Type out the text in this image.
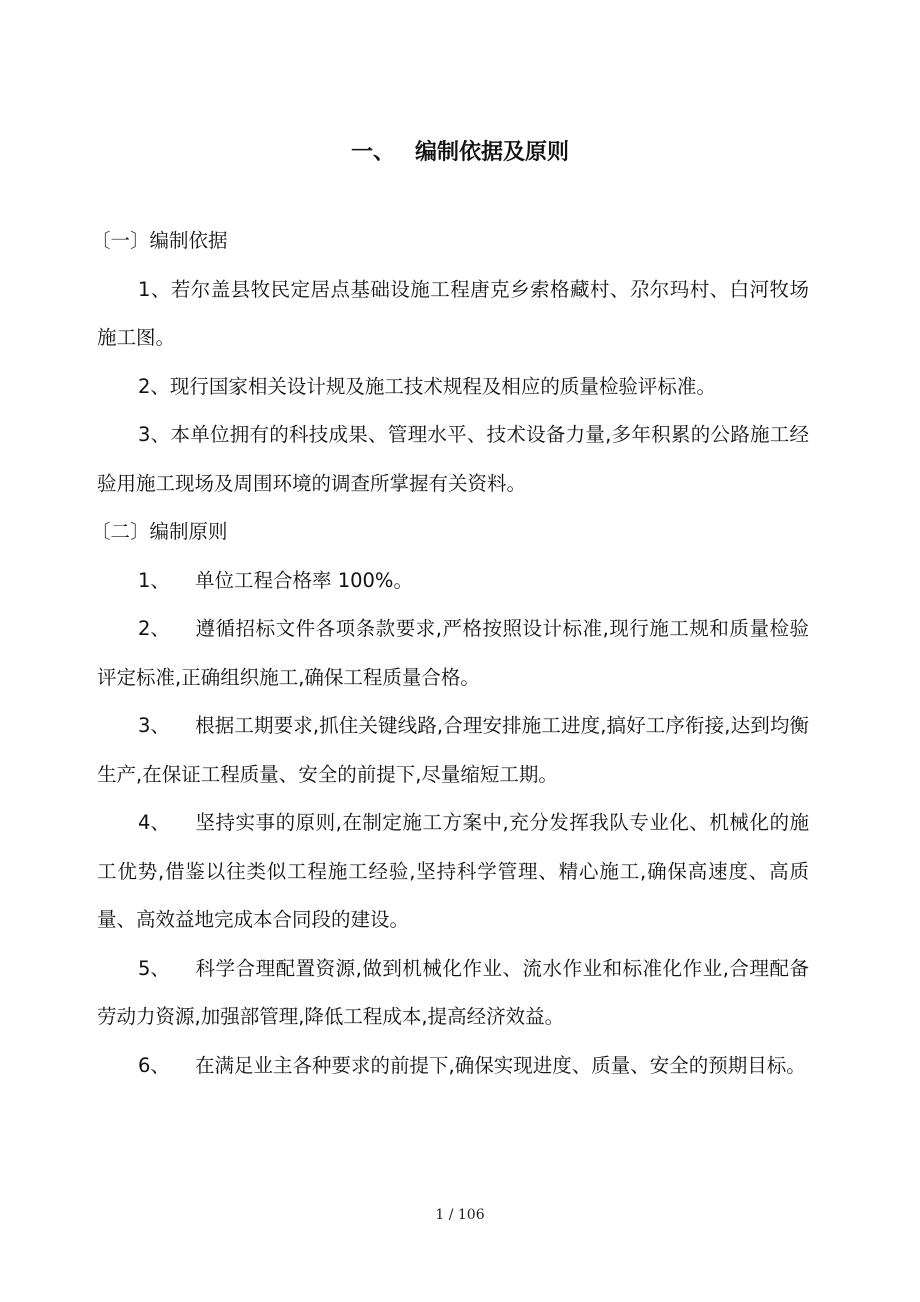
一、 编制依据及原则

〔一〕编制依据

1、若尔盖县牧民定居点基础设施工程唐克乡索格藏村、尕尔玛村、白河牧场施工图。

2、现行国家相关设计规及施工技术规程及相应的质量检验评标准。

3、本单位拥有的科技成果、管理水平、技术设备力量,多年积累的公路施工经验用施工现场及周围环境的调查所掌握有关资料。

〔二〕编制原则

1、 单位工程合格率 100%。

2、 遵循招标文件各项条款要求,严格按照设计标准,现行施工规和质量检验评定标准,正确组织施工,确保工程质量合格。

3、 根据工期要求,抓住关键线路,合理安排施工进度,搞好工序衔接,达到均衡生产,在保证工程质量、安全的前提下,尽量缩短工期。

4、 坚持实事的原则,在制定施工方案中,充分发挥我队专业化、机械化的施工优势,借鉴以往类似工程施工经验,坚持科学管理、精心施工,确保高速度、高质量、高效益地完成本合同段的建设。

5、 科学合理配置资源,做到机械化作业、流水作业和标准化作业,合理配备劳动力资源,加强部管理,降低工程成本,提高经济效益。

6、 在满足业主各种要求的前提下,确保实现进度、质量、安全的预期目标。

1 / 106
